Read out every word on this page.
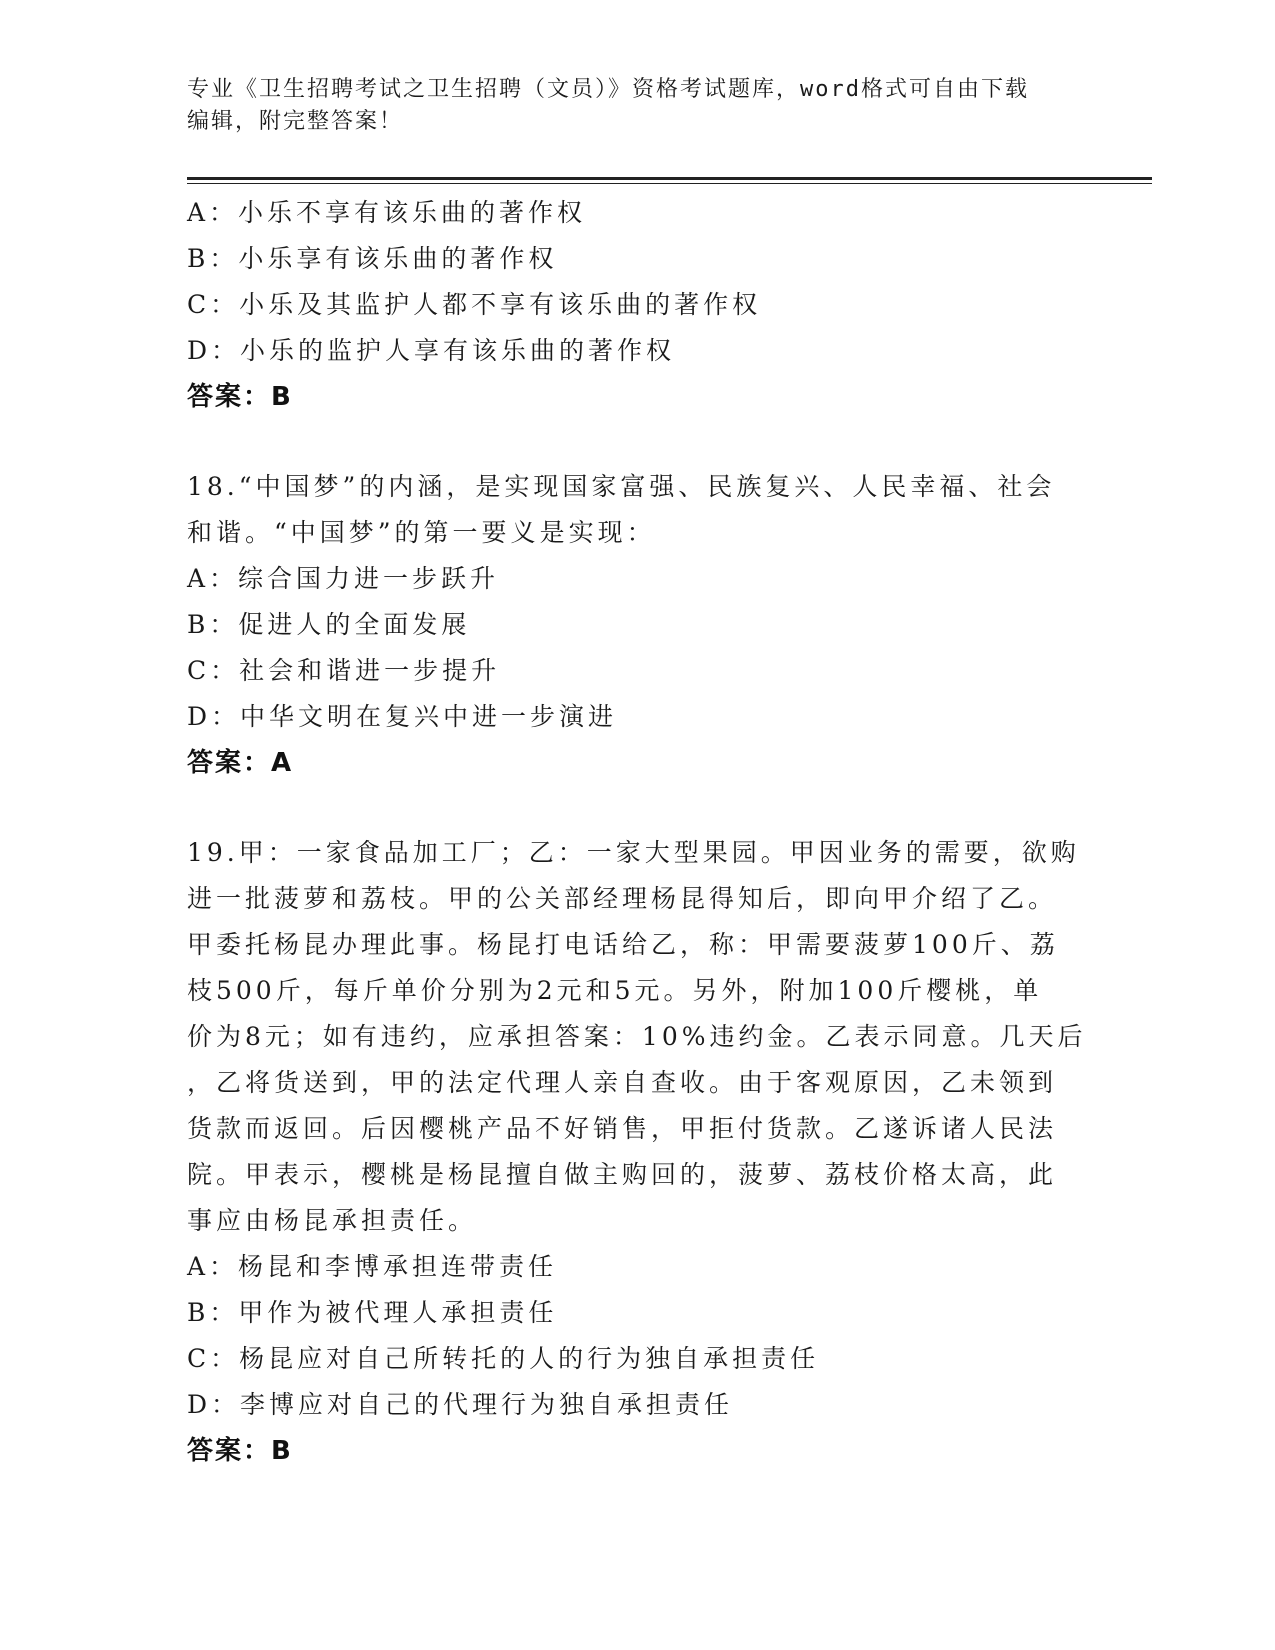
专业《卫生招聘考试之卫生招聘（文员）》资格考试题库，word格式可自由下载
编辑，附完整答案！
A：小乐不享有该乐曲的著作权
B：小乐享有该乐曲的著作权
C：小乐及其监护人都不享有该乐曲的著作权
D：小乐的监护人享有该乐曲的著作权
答案：B
18.“中国梦”的内涵，是实现国家富强、民族复兴、人民幸福、社会
和谐。“中国梦”的第一要义是实现：
A：综合国力进一步跃升
B：促进人的全面发展
C：社会和谐进一步提升
D：中华文明在复兴中进一步演进
答案：A
19.甲：一家食品加工厂；乙：一家大型果园。甲因业务的需要，欲购
进一批菠萝和荔枝。甲的公关部经理杨昆得知后，即向甲介绍了乙。
甲委托杨昆办理此事。杨昆打电话给乙，称：甲需要菠萝100斤、荔
枝500斤，每斤单价分别为2元和5元。另外，附加100斤樱桃，单
价为8元；如有违约，应承担答案：10%违约金。乙表示同意。几天后
，乙将货送到，甲的法定代理人亲自查收。由于客观原因，乙未领到
货款而返回。后因樱桃产品不好销售，甲拒付货款。乙遂诉诸人民法
院。甲表示，樱桃是杨昆擅自做主购回的，菠萝、荔枝价格太高，此
事应由杨昆承担责任。
A：杨昆和李博承担连带责任
B：甲作为被代理人承担责任
C：杨昆应对自己所转托的人的行为独自承担责任
D：李博应对自己的代理行为独自承担责任
答案：B
